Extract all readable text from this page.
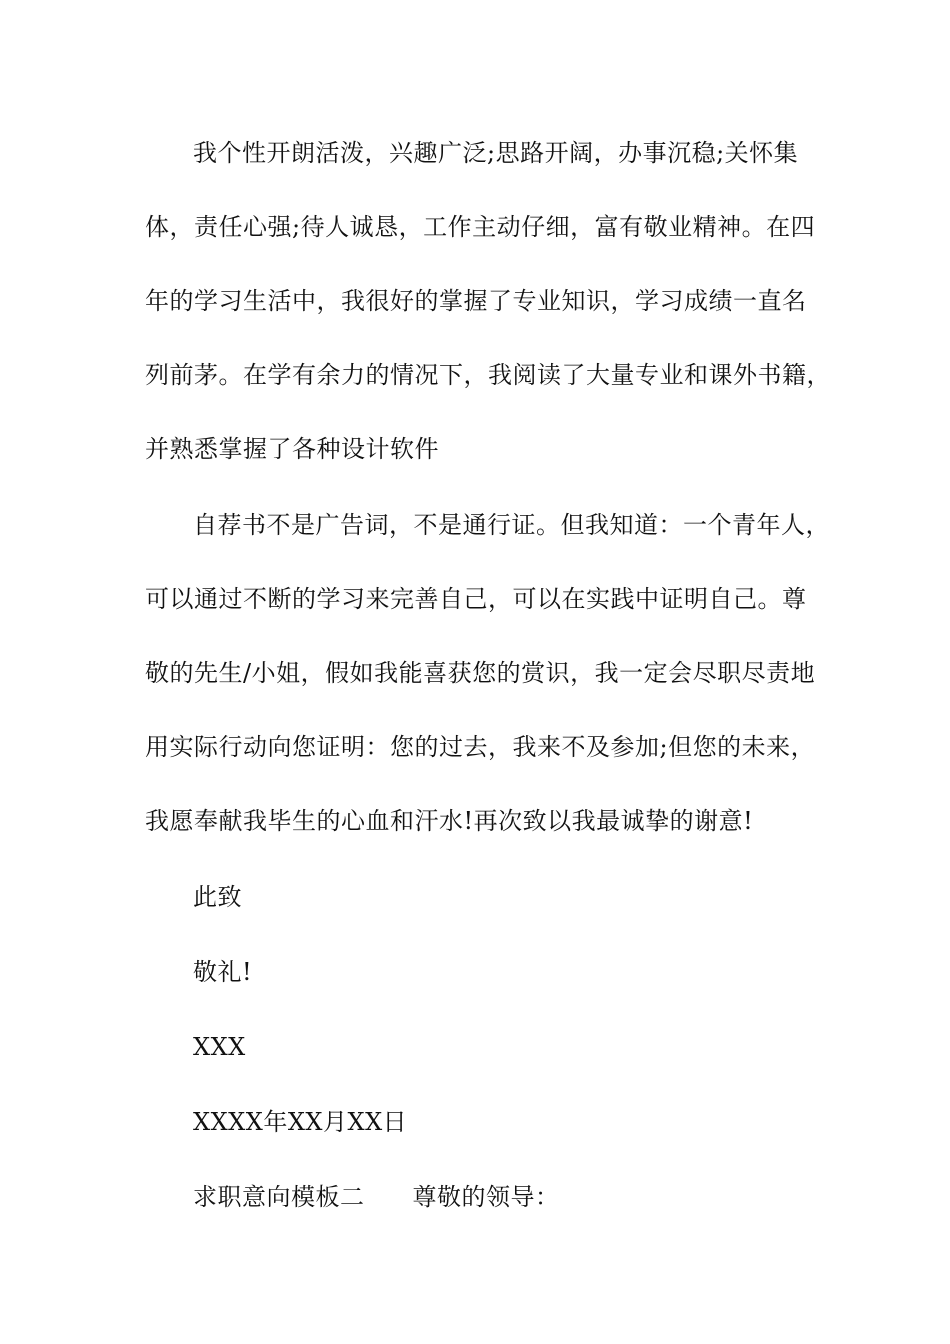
我个性开朗活泼，兴趣广泛;思路开阔，办事沉稳;关怀集
体，责任心强;待人诚恳，工作主动仔细，富有敬业精神。在四
年的学习生活中，我很好的掌握了专业知识，学习成绩一直名
列前茅。在学有余力的情况下，我阅读了大量专业和课外书籍，
并熟悉掌握了各种设计软件
自荐书不是广告词，不是通行证。但我知道：一个青年人，
可以通过不断的学习来完善自己，可以在实践中证明自己。尊
敬的先生/小姐，假如我能喜获您的赏识，我一定会尽职尽责地
用实际行动向您证明：您的过去，我来不及参加;但您的未来，
我愿奉献我毕生的心血和汗水!再次致以我最诚挚的谢意!
此致
敬礼!
XXX
XXXX年XX月XX日
求职意向模板二 尊敬的领导：
